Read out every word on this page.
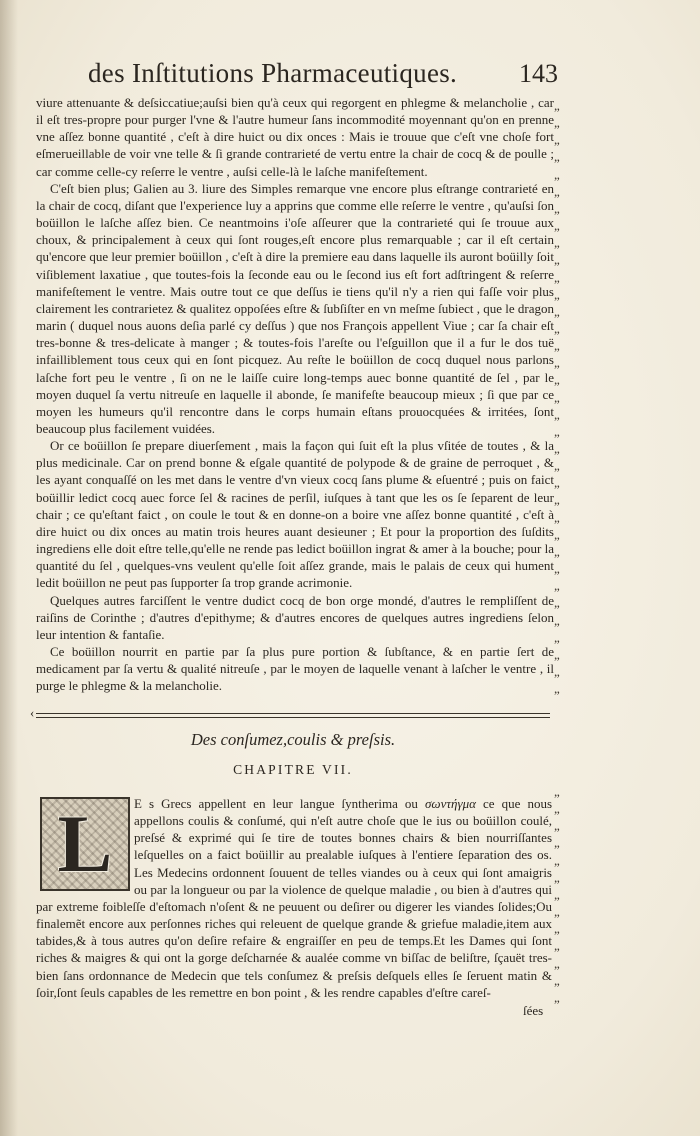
des Inſtitutions Pharmaceutiques. 143
viure attenuante & deſsiccatiue;auſsi bien qu'à ceux qui regorgent en phlegme & melancholie , car il eſt tres-propre pour purger l'vne & l'autre humeur ſans incommodité moyennant qu'on en prenne vne aſſez bonne quantité , c'eſt à dire huict ou dix onces : Mais ie trouue que c'eſt vne choſe fort eſmerueillable de voir vne telle & ſi grande contrarieté de vertu entre la chair de cocq & de poulle ; car comme celle-cy reſerre le ventre , auſsi celle-là le laſche manifeſtement.
C'eſt bien plus; Galien au 3. liure des Simples remarque vne encore plus eſtrange contrarieté en la chair de cocq, diſant que l'experience luy a apprins que comme elle reſerre le ventre , qu'auſsi ſon boüillon le laſche aſſez bien. Ce neantmoins i'oſe aſſeurer que la contrarieté qui ſe trouue aux choux, & principalement à ceux qui ſont rouges,eſt encore plus remarquable ; car il eſt certain qu'encore que leur premier boüillon , c'eſt à dire la premiere eau dans laquelle ils auront boüilly ſoit viſiblement laxatiue , que toutes-fois la ſeconde eau ou le ſecond ius eſt fort adſtringent & reſerre manifeſtement le ventre. Mais outre tout ce que deſſus ie tiens qu'il n'y a rien qui faſſe voir plus clairement les contrarietez & qualitez oppoſées eſtre & ſubſiſter en vn meſme ſubiect , que le dragon marin ( duquel nous auons deſia parlé cy deſſus ) que nos François appellent Viue ; car ſa chair eſt tres-bonne & tres-delicate à manger ; & toutes-fois l'areſte ou l'eſguillon que il a fur le dos tuë infailliblement tous ceux qui en ſont picquez. Au reſte le boüillon de cocq duquel nous parlons laſche fort peu le ventre , ſi on ne le laiſſe cuire long-temps auec bonne quantité de ſel , par le moyen duquel ſa vertu nitreuſe en laquelle il abonde, ſe manifeſte beaucoup mieux ; ſi que par ce moyen les humeurs qu'il rencontre dans le corps humain eſtans prouocquées & irritées, ſont beaucoup plus facilement vuidées.
Or ce boüillon ſe prepare diuerſement , mais la façon qui ſuit eſt la plus vſitée de toutes , & la plus medicinale. Car on prend bonne & eſgale quantité de polypode & de graine de perroquet , & les ayant conquaſſé on les met dans le ventre d'vn vieux cocq ſans plume & eſuentré ; puis on faict boüillir ledict cocq auec force ſel & racines de perſil, iuſques à tant que les os ſe ſeparent de leur chair ; ce qu'eſtant faict , on coule le tout & en donne-on a boire vne aſſez bonne quantité , c'eſt à dire huict ou dix onces au matin trois heures auant desieuner ; Et pour la proportion des ſuſdits ingrediens elle doit eſtre telle,qu'elle ne rende pas ledict boüillon ingrat & amer à la bouche; pour la quantité du ſel , quelques-vns veulent qu'elle ſoit aſſez grande, mais le palais de ceux qui hument ledit boüillon ne peut pas ſupporter ſa trop grande acrimonie.
Quelques autres farciſſent le ventre dudict cocq de bon orge mondé, d'autres le rempliſſent de raiſins de Corinthe ; d'autres d'epithyme; & d'autres encores de quelques autres ingrediens ſelon leur intention & fantaſie.
Ce boüillon nourrit en partie par ſa plus pure portion & ſubſtance, & en partie ſert de medicament par ſa vertu & qualité nitreuſe , par le moyen de laquelle venant à laſcher le ventre , il purge le phlegme & la melancholie.
‹
Des conſumez,coulis & preſsis.
CHAPITRE VII.
E s Grecs appellent en leur langue ſyntherima ou σωντήγμα ce que nous appellons coulis & conſumé, qui n'eſt autre choſe que le ius ou boüillon coulé, preſsé & exprimé qui ſe tire de toutes bonnes chairs & bien nourriſſantes leſquelles on a faict boüillir au prealable iuſques à l'entiere ſeparation des os. Les Medecins ordonnent ſouuent de telles viandes ou à ceux qui ſont amaigris ou par la longueur ou par la violence de quelque maladie , ou bien à d'autres qui par extreme foibleſſe d'eſtomach n'oſent & ne peuuent ou deſirer ou digerer les viandes ſolides;Ou finalemẽt encore aux perſonnes riches qui releuent de quelque grande & griefue maladie,item aux tabides,& à tous autres qu'on deſire refaire & engraiſſer en peu de temps.Et les Dames qui ſont riches & maigres & qui ont la gorge deſcharnée & aualée comme vn biſſac de beliſtre, ſçauët tres-bien ſans ordonnance de Medecin que tels conſumez & preſsis deſquels elles ſe ſeruent matin & ſoir,ſont ſeuls capables de les remettre en bon point , & les rendre capables d'eſtre careſ-
L
ſées
„
„
„
„
„
„
„
„
„
„
„
„
„
„
„
„
„
„
„
„
„
„
„
„
„
„
„
„
„
„
„
„
„
„
„
„
„
„
„
„
„
„
„
„
„
„
„
„
